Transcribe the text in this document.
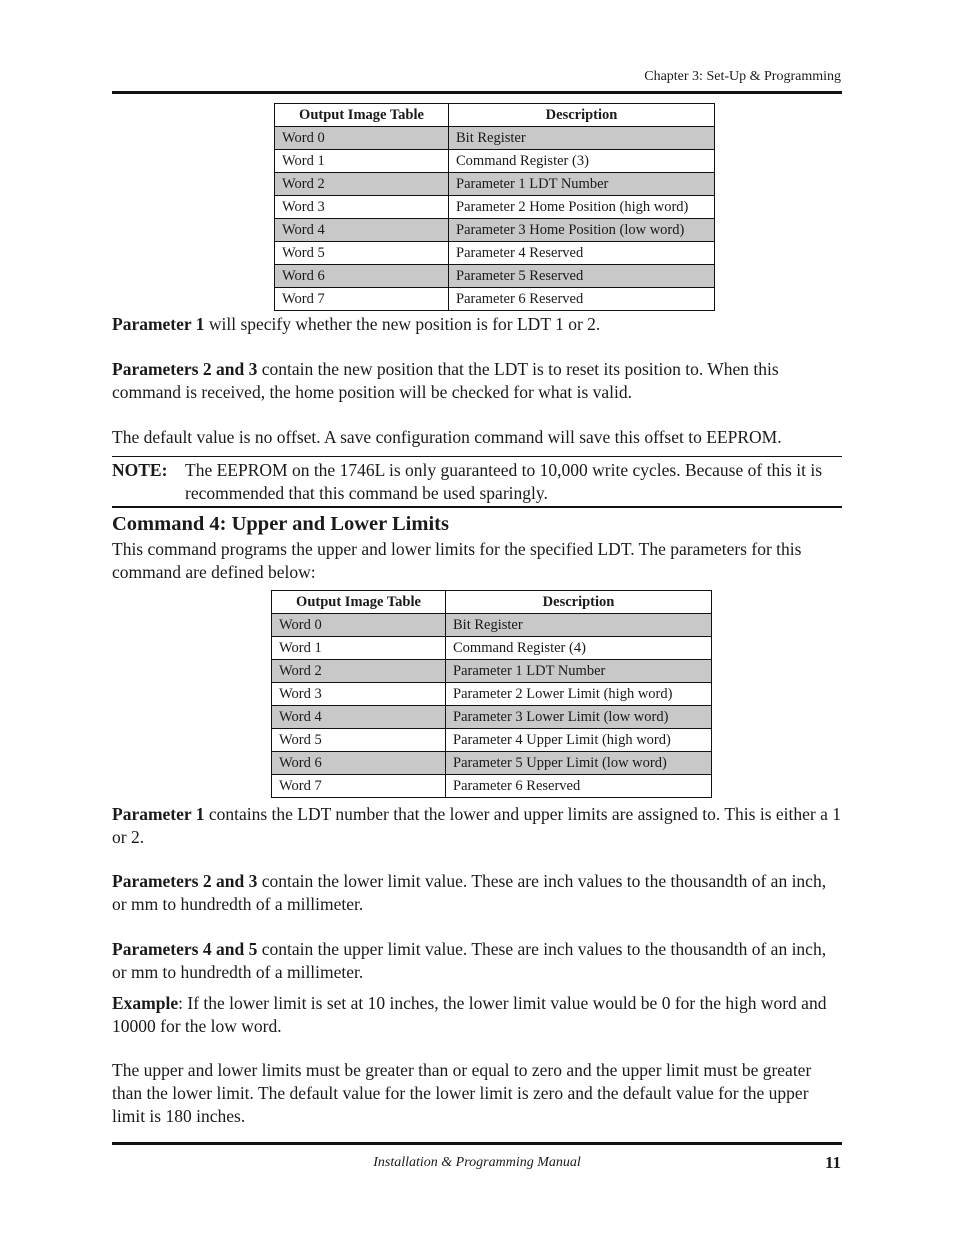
Chapter 3: Set-Up & Programming
Output Image Table	Description
Word 0	Bit Register
Word 1	Command Register (3)
Word 2	Parameter 1 LDT Number
Word 3	Parameter 2 Home Position (high word)
Word 4	Parameter 3 Home Position (low word)
Word 5	Parameter 4 Reserved
Word 6	Parameter 5 Reserved
Word 7	Parameter 6 Reserved
Parameter 1 will specify whether the new position is for LDT 1 or 2.
Parameters 2 and 3 contain the new position that the LDT is to reset its position to. When this command is received, the home position will be checked for what is valid.
The default value is no offset. A save configuration command will save this offset to EEPROM.
NOTE: The EEPROM on the 1746L is only guaranteed to 10,000 write cycles. Because of this it is recommended that this command be used sparingly.
Command 4: Upper and Lower Limits
This command programs the upper and lower limits for the specified LDT. The parameters for this command are defined below:
Output Image Table	Description
Word 0	Bit Register
Word 1	Command Register (4)
Word 2	Parameter 1 LDT Number
Word 3	Parameter 2 Lower Limit (high word)
Word 4	Parameter 3 Lower Limit (low word)
Word 5	Parameter 4 Upper Limit (high word)
Word 6	Parameter 5 Upper Limit (low word)
Word 7	Parameter 6 Reserved
Parameter 1 contains the LDT number that the lower and upper limits are assigned to. This is either a 1 or 2.
Parameters 2 and 3 contain the lower limit value. These are inch values to the thousandth of an inch, or mm to hundredth of a millimeter.
Parameters 4 and 5 contain the upper limit value. These are inch values to the thousandth of an inch, or mm to hundredth of a millimeter.
Example: If the lower limit is set at 10 inches, the lower limit value would be 0 for the high word and 10000 for the low word.
The upper and lower limits must be greater than or equal to zero and the upper limit must be greater than the lower limit. The default value for the lower limit is zero and the default value for the upper limit is 180 inches.
Installation & Programming Manual	11
